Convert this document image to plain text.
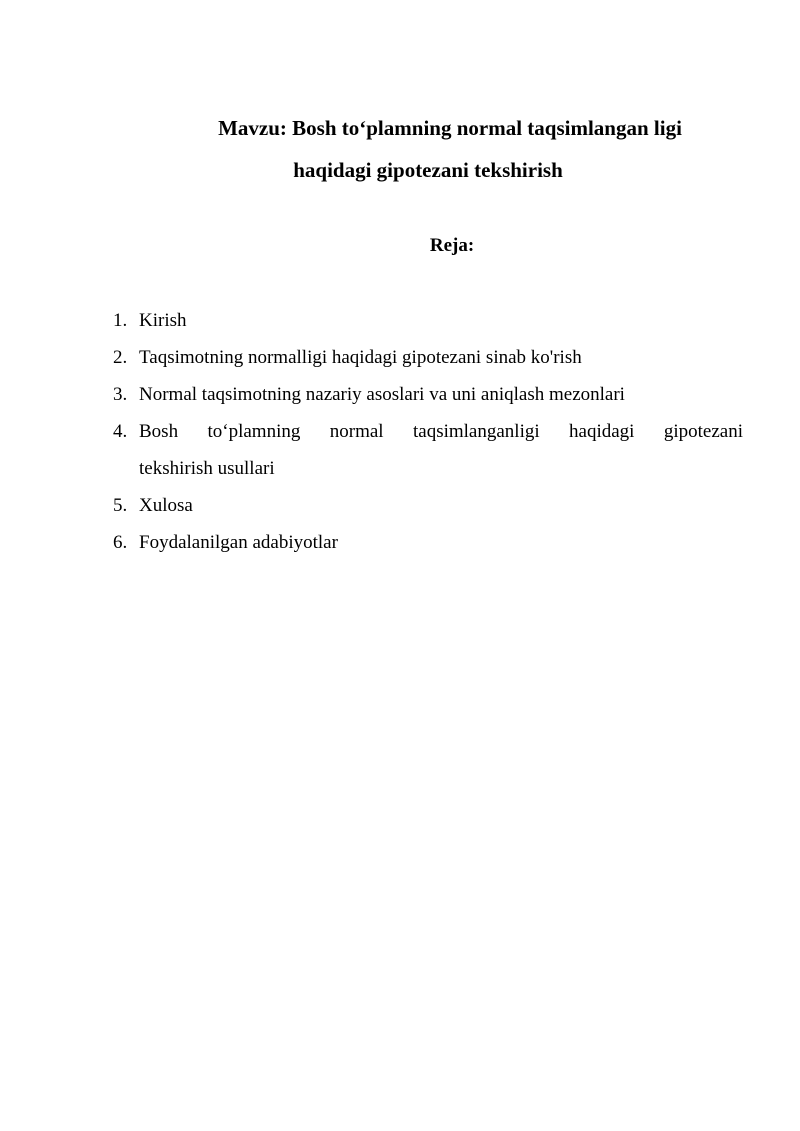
Mavzu: Bosh to‘plamning normal taqsimlangan ligi
haqidagi gipotezani tekshirish
Reja:
1. Kirish
2. Taqsimotning normalligi haqidagi gipotezani sinab ko'rish
3. Normal taqsimotning nazariy asoslari va uni aniqlash mezonlari
4. Bosh to‘plamning normal taqsimlanganligi haqidagi gipotezani
tekshirish usullari
5. Xulosa
6. Foydalanilgan adabiyotlar
